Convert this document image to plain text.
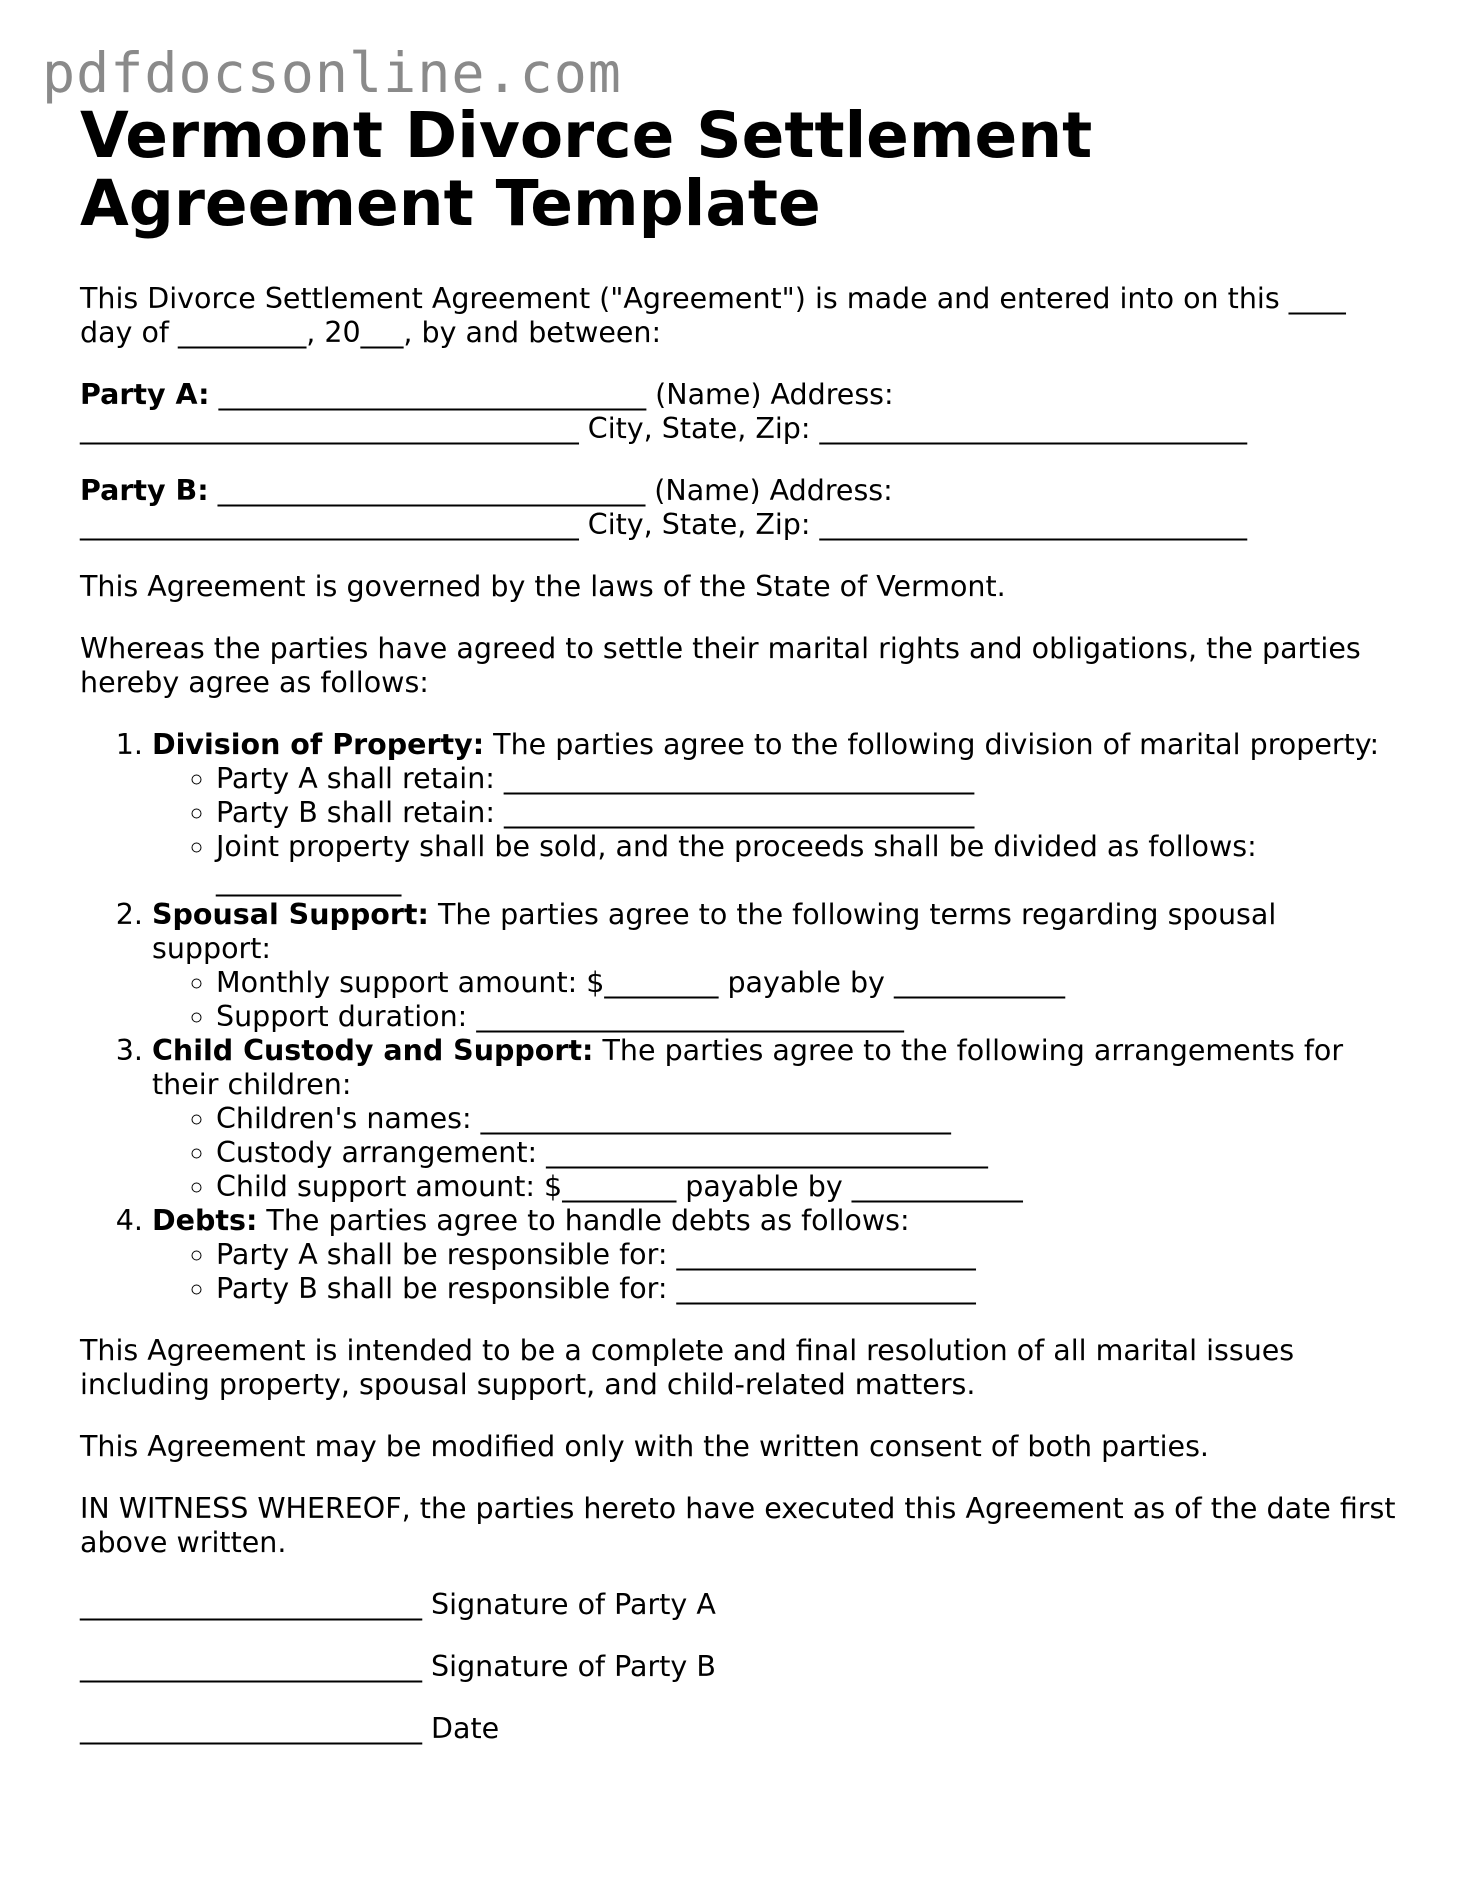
pdfdocsonline.com
Vermont Divorce Settlement
Agreement Template

This Divorce Settlement Agreement ("Agreement") is made and entered into on this ____ day of _________, 20___, by and between:

Party A: ______________________________ (Name) Address: ___________________________________ City, State, Zip: ______________________________
Party B: ______________________________ (Name) Address: ___________________________________ City, State, Zip: ______________________________

This Agreement is governed by the laws of the State of Vermont.

Whereas the parties have agreed to settle their marital rights and obligations, the parties hereby agree as follows:

1. Division of Property: The parties agree to the following division of marital property:
◦ Party A shall retain: _________________________________
◦ Party B shall retain: _________________________________
◦ Joint property shall be sold, and the proceeds shall be divided as follows: _____________
2. Spousal Support: The parties agree to the following terms regarding spousal support:
◦ Monthly support amount: $________ payable by ____________
◦ Support duration: ______________________________
3. Child Custody and Support: The parties agree to the following arrangements for their children:
◦ Children's names: _________________________________
◦ Custody arrangement: _______________________________
◦ Child support amount: $________ payable by ____________
4. Debts: The parties agree to handle debts as follows:
◦ Party A shall be responsible for: _____________________
◦ Party B shall be responsible for: _____________________

This Agreement is intended to be a complete and final resolution of all marital issues including property, spousal support, and child-related matters.

This Agreement may be modified only with the written consent of both parties.

IN WITNESS WHEREOF, the parties hereto have executed this Agreement as of the date first above written.

________________________ Signature of Party A
________________________ Signature of Party B
________________________ Date
